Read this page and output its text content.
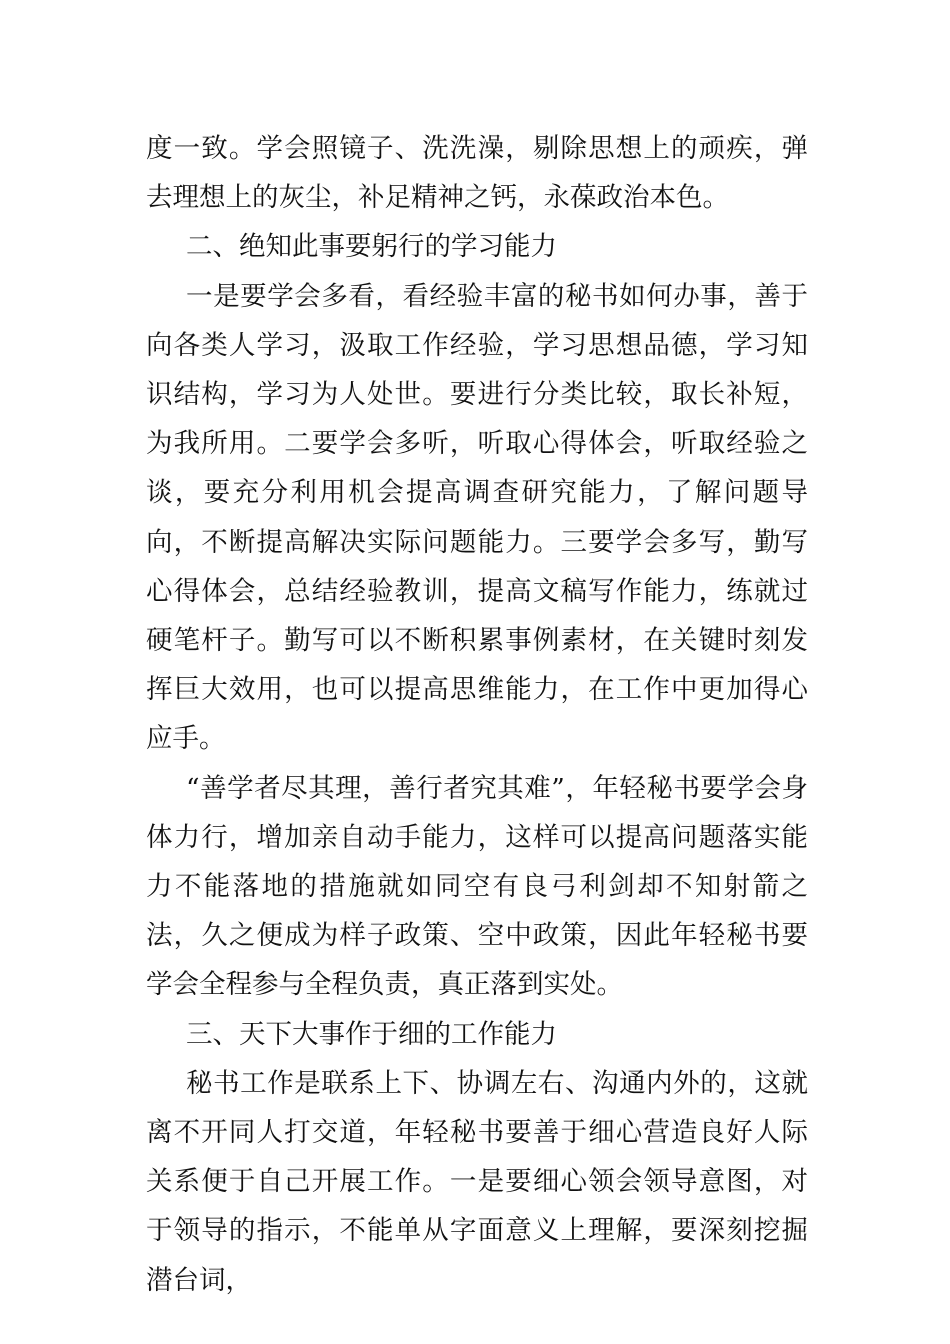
度一致。学会照镜子、洗洗澡，剔除思想上的顽疾，弹去理想上的灰尘，补足精神之钙，永葆政治本色。

二、绝知此事要躬行的学习能力

一是要学会多看，看经验丰富的秘书如何办事，善于向各类人学习，汲取工作经验，学习思想品德，学习知识结构，学习为人处世。要进行分类比较，取长补短，为我所用。二要学会多听，听取心得体会，听取经验之谈，要充分利用机会提高调查研究能力，了解问题导向，不断提高解决实际问题能力。三要学会多写，勤写心得体会，总结经验教训，提高文稿写作能力，练就过硬笔杆子。勤写可以不断积累事例素材，在关键时刻发挥巨大效用，也可以提高思维能力，在工作中更加得心应手。

“善学者尽其理，善行者究其难”，年轻秘书要学会身体力行，增加亲自动手能力，这样可以提高问题落实能力不能落地的措施就如同空有良弓利剑却不知射箭之法，久之便成为样子政策、空中政策，因此年轻秘书要学会全程参与全程负责，真正落到实处。

三、天下大事作于细的工作能力

秘书工作是联系上下、协调左右、沟通内外的，这就离不开同人打交道，年轻秘书要善于细心营造良好人际关系便于自己开展工作。一是要细心领会领导意图，对于领导的指示，不能单从字面意义上理解，要深刻挖掘潜台词，
